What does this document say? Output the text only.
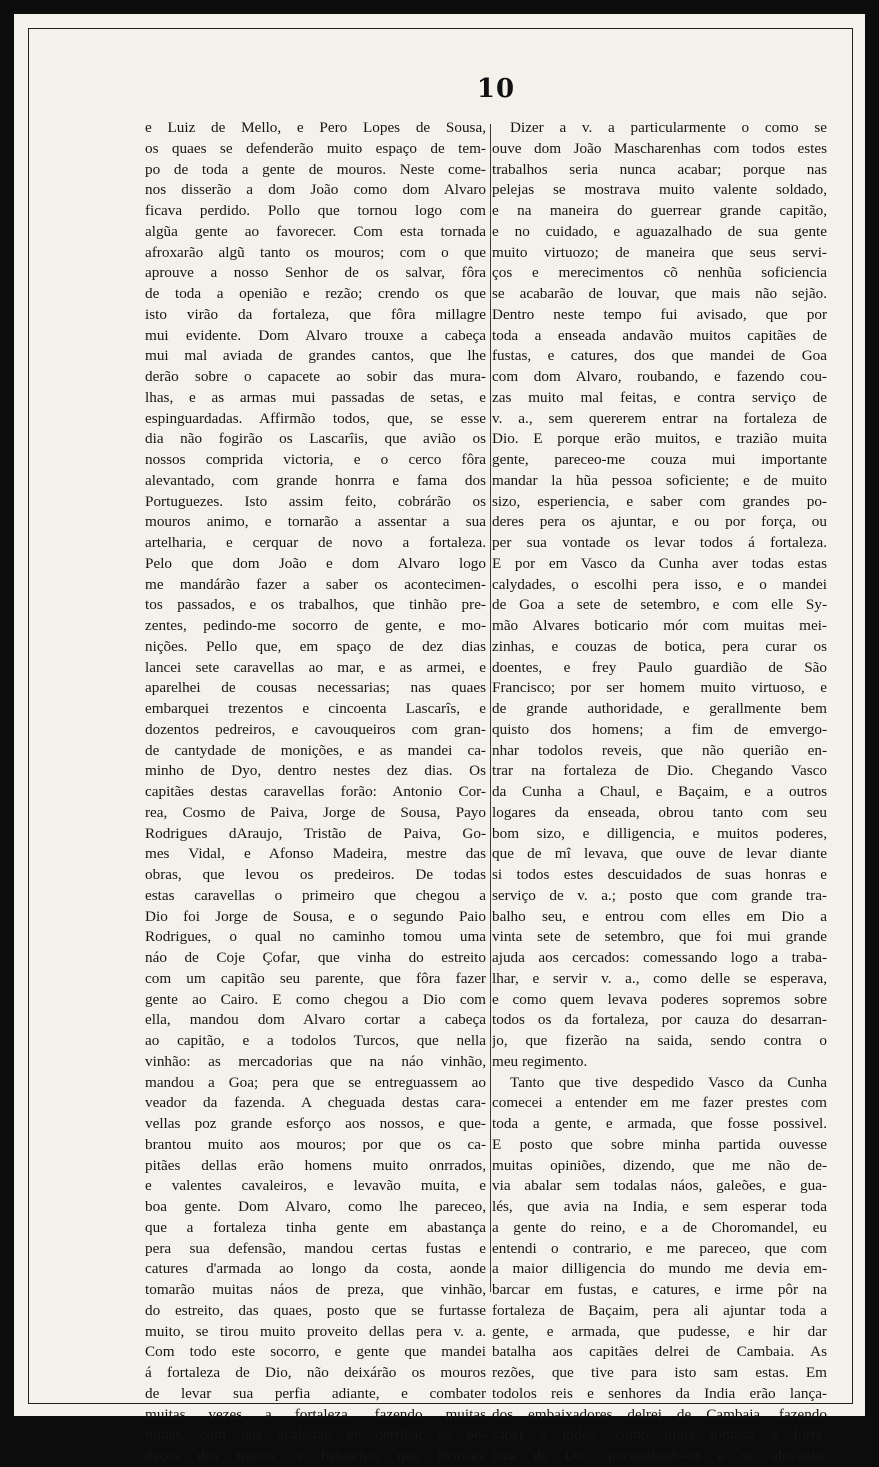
10
e Luiz de Mello, e Pero Lopes de Sousa,
os quaes se defenderão muito espaço de tem-
po de toda a gente de mouros. Neste come-
nos disserão a dom João como dom Alvaro
ficava perdido. Pollo que tornou logo com
algũa gente ao favorecer. Com esta tornada
afroxarão algũ tanto os mouros; com o que
aprouve a nosso Senhor de os salvar, fôra
de toda a openião e rezão; crendo os que
isto virão da fortaleza, que fôra millagre
mui evidente. Dom Alvaro trouxe a cabeça
mui mal aviada de grandes cantos, que lhe
derão sobre o capacete ao sobir das mura-
lhas, e as armas mui passadas de setas, e
espinguardadas. Affirmão todos, que, se esse
dia não fogirão os Lascarîis, que avião os
nossos comprida victoria, e o cerco fôra
alevantado, com grande honrra e fama dos
Portuguezes. Isto assim feito, cobrárão os
mouros animo, e tornarão a assentar a sua
artelharia, e cerquar de novo a fortaleza.
Pelo que dom João e dom Alvaro logo
me mandárão fazer a saber os acontecimen-
tos passados, e os trabalhos, que tinhão pre-
zentes, pedindo-me socorro de gente, e mo-
nições. Pello que, em spaço de dez dias
lancei sete caravellas ao mar, e as armei, e
aparelhei de cousas necessarias; nas quaes
embarquei trezentos e cincoenta Lascarîs, e
dozentos pedreiros, e cavouqueiros com gran-
de cantydade de monições, e as mandei ca-
minho de Dyo, dentro nestes dez dias. Os
capitães destas caravellas forão: Antonio Cor-
rea, Cosmo de Paiva, Jorge de Sousa, Payo
Rodrigues dAraujo, Tristão de Paiva, Go-
mes Vidal, e Afonso Madeira, mestre das
obras, que levou os predeiros. De todas
estas caravellas o primeiro que chegou a
Dio foi Jorge de Sousa, e o segundo Paio
Rodrigues, o qual no caminho tomou uma
náo de Coje Çofar, que vinha do estreito
com um capitão seu parente, que fôra fazer
gente ao Cairo. E como chegou a Dio com
ella, mandou dom Alvaro cortar a cabeça
ao capitão, e a todolos Turcos, que nella
vinhão: as mercadorias que na náo vinhão,
mandou a Goa; pera que se entreguassem ao
veador da fazenda. A cheguada destas cara-
vellas poz grande esforço aos nossos, e que-
brantou muito aos mouros; por que os ca-
pitães dellas erão homens muito onrrados,
e valentes cavaleiros, e levavão muita, e
boa gente. Dom Alvaro, como lhe pareceo,
que a fortaleza tinha gente em abastança
pera sua defensão, mandou certas fustas e
catures d'armada ao longo da costa, aonde
tomarão muitas náos de preza, que vinhão,
do estreito, das quaes, posto que se furtasse
muito, se tirou muito proveito dellas pera v. a.
Com todo este socorro, e gente que mandei
á fortaleza de Dio, não deixárão os mouros
de levar sua perfia adiante, e combater
muitas vezes a fortaleza, fazendo muitas
minas, com que acabárão de derribar os pe-
daços dos muros, e baluartes, que ficavão.
Dizer a v. a particularmente o como se
ouve dom João Mascharenhas com todos estes
trabalhos seria nunca acabar; porque nas
pelejas se mostrava muito valente soldado,
e na maneira do guerrear grande capitão,
e no cuidado, e aguazalhado de sua gente
muito virtuozo; de maneira que seus servi-
ços e merecimentos cõ nenhũa soficiencia
se acabarão de louvar, que mais não sejão.
Dentro neste tempo fui avisado, que por
toda a enseada andavão muitos capitães de
fustas, e catures, dos que mandei de Goa
com dom Alvaro, roubando, e fazendo cou-
zas muito mal feitas, e contra serviço de
v. a., sem quererem entrar na fortaleza de
Dio. E porque erão muitos, e trazião muita
gente, pareceo-me couza mui importante
mandar la hũa pessoa soficiente; e de muito
sizo, esperiencia, e saber com grandes po-
deres pera os ajuntar, e ou por força, ou
per sua vontade os levar todos á fortaleza.
E por em Vasco da Cunha aver todas estas
calydades, o escolhi pera isso, e o mandei
de Goa a sete de setembro, e com elle Sy-
mão Alvares boticario mór com muitas mei-
zinhas, e couzas de botica, pera curar os
doentes, e frey Paulo guardião de São
Francisco; por ser homem muito virtuoso, e
de grande authoridade, e gerallmente bem
quisto dos homens; a fim de emvergo-
nhar todolos reveis, que não querião en-
trar na fortaleza de Dio. Chegando Vasco
da Cunha a Chaul, e Baçaim, e a outros
logares da enseada, obrou tanto com seu
bom sizo, e dilligencia, e muitos poderes,
que de mî levava, que ouve de levar diante
si todos estes descuidados de suas honras e
serviço de v. a.; posto que com grande tra-
balho seu, e entrou com elles em Dio a
vinta sete de setembro, que foi mui grande
ajuda aos cercados: comessando logo a traba-
lhar, e servir v. a., como delle se esperava,
e como quem levava poderes sopremos sobre
todos os da fortaleza, por cauza do desarran-
jo, que fizerão na saida, sendo contra o
meu regimento.
Tanto que tive despedido Vasco da Cunha
comecei a entender em me fazer prestes com
toda a gente, e armada, que fosse possivel.
E posto que sobre minha partida ouvesse
muitas opiniões, dizendo, que me não de-
via abalar sem todalas náos, galeões, e gua-
lés, que avia na India, e sem esperar toda
a gente do reino, e a de Choromandel, eu
entendi o contrario, e me pareceo, que com
a maior dilligencia do mundo me devia em-
barcar em fustas, e catures, e irme pôr na
fortaleza de Baçaim, pera ali ajuntar toda a
gente, e armada, que pudesse, e hir dar
batalha aos capitães delrei de Cambaia. As
rezões, que tive para isto sam estas. Em
todolos reis e senhores da India erão lança-
dos embaixadores delrei de Cambaia, fazendo
saber a todos, como tinha tomada a forta-
leza de Dio, persuadindo-os a se alevanta-
